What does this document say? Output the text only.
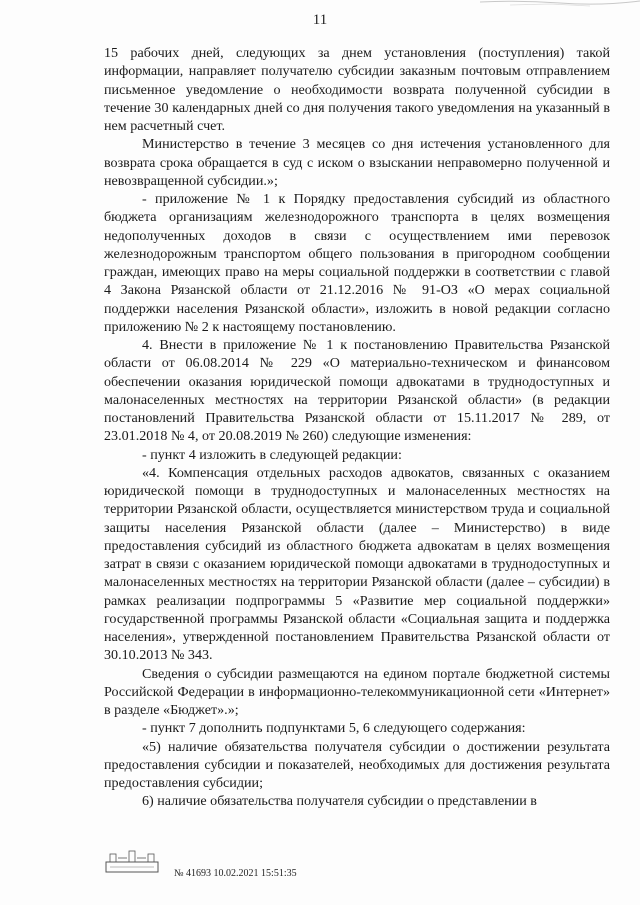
11

15 рабочих дней, следующих за днем установления (поступления) такой информации, направляет получателю субсидии заказным почтовым отправлением письменное уведомление о необходимости возврата полученной субсидии в течение 30 календарных дней со дня получения такого уведомления на указанный в нем расчетный счет.

Министерство в течение 3 месяцев со дня истечения установленного для возврата срока обращается в суд с иском о взыскании неправомерно полученной и невозвращенной субсидии.»;

- приложение № 1 к Порядку предоставления субсидий из областного бюджета организациям железнодорожного транспорта в целях возмещения недополученных доходов в связи с осуществлением ими перевозок железнодорожным транспортом общего пользования в пригородном сообщении граждан, имеющих право на меры социальной поддержки в соответствии с главой 4 Закона Рязанской области от 21.12.2016 № 91-ОЗ «О мерах социальной поддержки населения Рязанской области», изложить в новой редакции согласно приложению № 2 к настоящему постановлению.

4. Внести в приложение № 1 к постановлению Правительства Рязанской области от 06.08.2014 № 229 «О материально-техническом и финансовом обеспечении оказания юридической помощи адвокатами в труднодоступных и малонаселенных местностях на территории Рязанской области» (в редакции постановлений Правительства Рязанской области от 15.11.2017 № 289, от 23.01.2018 № 4, от 20.08.2019 № 260) следующие изменения:

- пункт 4 изложить в следующей редакции:

«4. Компенсация отдельных расходов адвокатов, связанных с оказанием юридической помощи в труднодоступных и малонаселенных местностях на территории Рязанской области, осуществляется министерством труда и социальной защиты населения Рязанской области (далее – Министерство) в виде предоставления субсидий из областного бюджета адвокатам в целях возмещения затрат в связи с оказанием юридической помощи адвокатами в труднодоступных и малонаселенных местностях на территории Рязанской области (далее – субсидии) в рамках реализации подпрограммы 5 «Развитие мер социальной поддержки» государственной программы Рязанской области «Социальная защита и поддержка населения», утвержденной постановлением Правительства Рязанской области от 30.10.2013 № 343.

Сведения о субсидии размещаются на едином портале бюджетной системы Российской Федерации в информационно-телекоммуникационной сети «Интернет» в разделе «Бюджет».»;

- пункт 7 дополнить подпунктами 5, 6 следующего содержания:

«5) наличие обязательства получателя субсидии о достижении результата предоставления субсидии и показателей, необходимых для достижения результата предоставления субсидии;

6) наличие обязательства получателя субсидии о представлении в

№ 41693 10.02.2021 15:51:35
